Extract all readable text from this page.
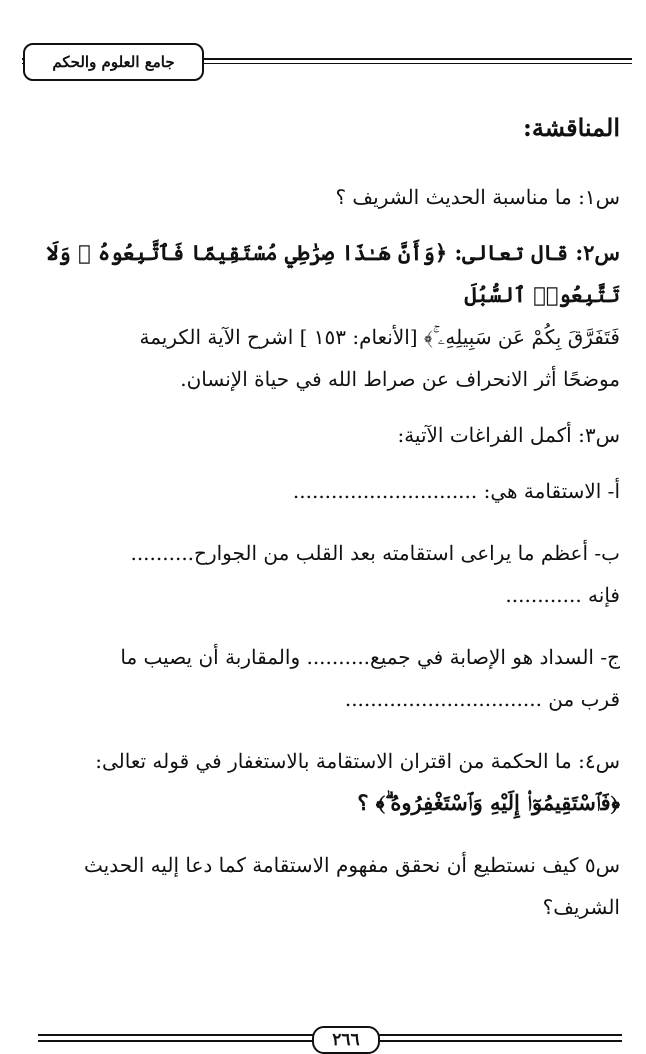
جامع العلوم والحكم
المناقشة:

س١: ما مناسبة الحديث الشريف ؟

س٢: قال تعالى: ﴿وَأَنَّ هَـٰذَا صِرَٰطِي مُسْتَقِيمًا فَٱتَّبِعُوهُ ۖ وَلَا تَتَّبِعُوا۟ ٱلسُّبُلَ

فَتَفَرَّقَ بِكُمْ عَن سَبِيلِهِۦ ۚ﴾ [الأنعام: ١٥٣ ] اشرح الآية الكريمة

موضحًا أثر الانحراف عن صراط الله في حياة الإنسان.

س٣: أكمل الفراغات الآتية:

أ- الاستقامة هي: .............................

ب- أعظم ما يراعى استقامته بعد القلب من الجوارح..........

فإنه ............

ج- السداد هو الإصابة في جميع.......... والمقاربة أن يصيب ما

قرب من ...............................

س٤: ما الحكمة من اقتران الاستقامة بالاستغفار في قوله تعالى:

﴿فَٱسْتَقِيمُوٓا۟ إِلَيْهِ وَٱسْتَغْفِرُوهُ ۗ﴾ ؟

س٥ كيف نستطيع أن نحقق مفهوم الاستقامة كما دعا إليه الحديث

الشريف؟

٢٦٦
